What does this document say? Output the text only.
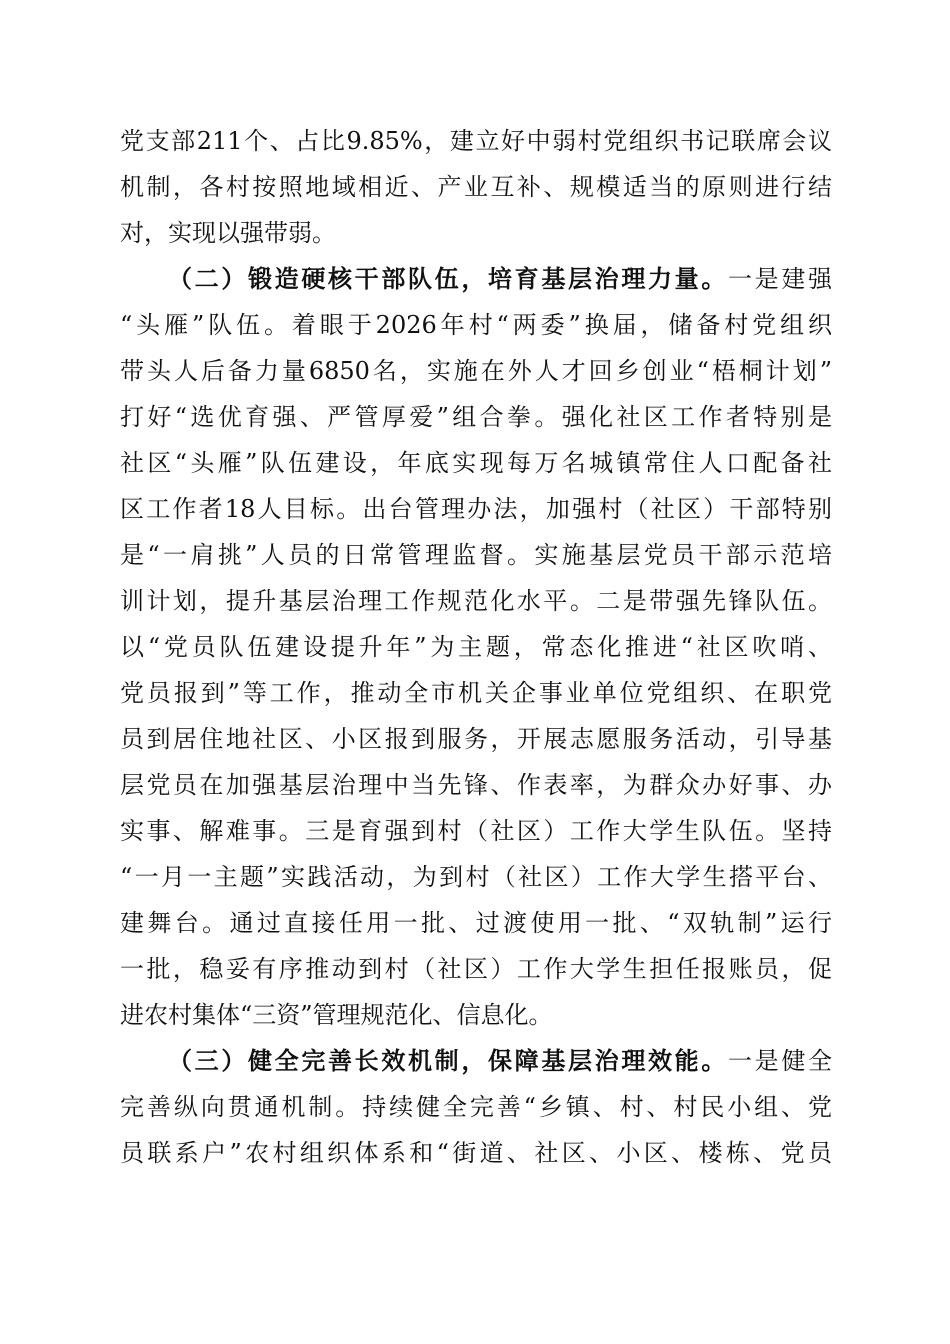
党支部211个、占比9.85%，建立好中弱村党组织书记联席会议
机制，各村按照地域相近、产业互补、规模适当的原则进行结
对，实现以强带弱。
（二）锻造硬核干部队伍，培育基层治理力量。一是建强
“头雁”队伍。着眼于2026年村“两委”换届，储备村党组织
带头人后备力量6850名，实施在外人才回乡创业“梧桐计划”
打好“选优育强、严管厚爱”组合拳。强化社区工作者特别是
社区“头雁”队伍建设，年底实现每万名城镇常住人口配备社
区工作者18人目标。出台管理办法，加强村（社区）干部特别
是“一肩挑”人员的日常管理监督。实施基层党员干部示范培
训计划，提升基层治理工作规范化水平。二是带强先锋队伍。
以“党员队伍建设提升年”为主题，常态化推进“社区吹哨、
党员报到”等工作，推动全市机关企事业单位党组织、在职党
员到居住地社区、小区报到服务，开展志愿服务活动，引导基
层党员在加强基层治理中当先锋、作表率，为群众办好事、办
实事、解难事。三是育强到村（社区）工作大学生队伍。坚持
“一月一主题”实践活动，为到村（社区）工作大学生搭平台、
建舞台。通过直接任用一批、过渡使用一批、“双轨制”运行
一批，稳妥有序推动到村（社区）工作大学生担任报账员，促
进农村集体“三资”管理规范化、信息化。
（三）健全完善长效机制，保障基层治理效能。一是健全
完善纵向贯通机制。持续健全完善“乡镇、村、村民小组、党
员联系户”农村组织体系和“街道、社区、小区、楼栋、党员
